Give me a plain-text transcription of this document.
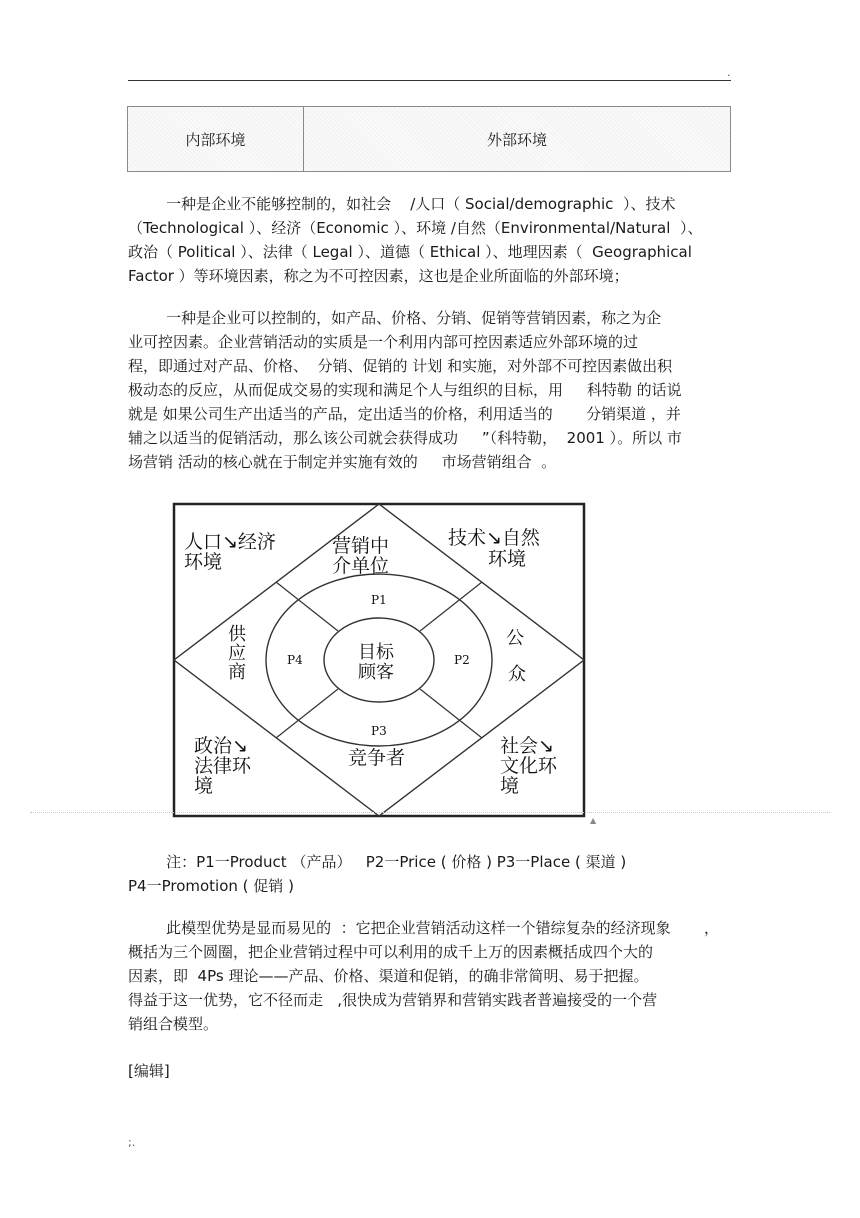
.
内部环境	外部环境
一种是企业不能够控制的，如社会    /人口（ Social/demographic  ）、技术
（Technological ）、经济（Economic ）、环境 /自然（Environmental/Natural  ）、
政治（ Political ）、法律（ Legal ）、道德（ Ethical ）、地理因素（  Geographical
Factor ）等环境因素，称之为不可控因素，这也是企业所面临的外部环境；
一种是企业可以控制的，如产品、价格、分销、促销等营销因素，称之为企
业可控因素。企业营销活动的实质是一个利用内部可控因素适应外部环境的过
程，即通过对产品、价格、  分销、促销的 计划 和实施，对外部不可控因素做出积
极动态的反应，从而促成交易的实现和满足个人与组织的目标，用     科特勒 的话说
就是 如果公司生产出适当的产品，定出适当的价格，利用适当的       分销渠道 ，并
辅之以适当的促销活动，那么该公司就会获得成功     ”（科特勒，  2001 ）。所以 市
场营销 活动的核心就在于制定并实施有效的     市场营销组合  。
人口↘经济
环境
技术↘自然
环境
营销中
介单位
供
应
商
公
众
政治↘
法律环
境
社会↘
文化环
境
竞争者
P1
P2
P3
P4	目标
顾客
▲
注：P1一Product （产品）   P2一Price ( 价格 ) P3一Place ( 渠道 )
P4一Promotion ( 促销 )
此模型优势是显而易见的  ：它把企业营销活动这样一个错综复杂的经济现象       ，
概括为三个圆圈，把企业营销过程中可以利用的成千上万的因素概括成四个大的
因素，即  4Ps 理论——产品、价格、渠道和促销，的确非常简明、易于把握。
得益于这一优势，它不径而走   ,很快成为营销界和营销实践者普遍接受的一个营
销组合模型。
[编辑]
;.
